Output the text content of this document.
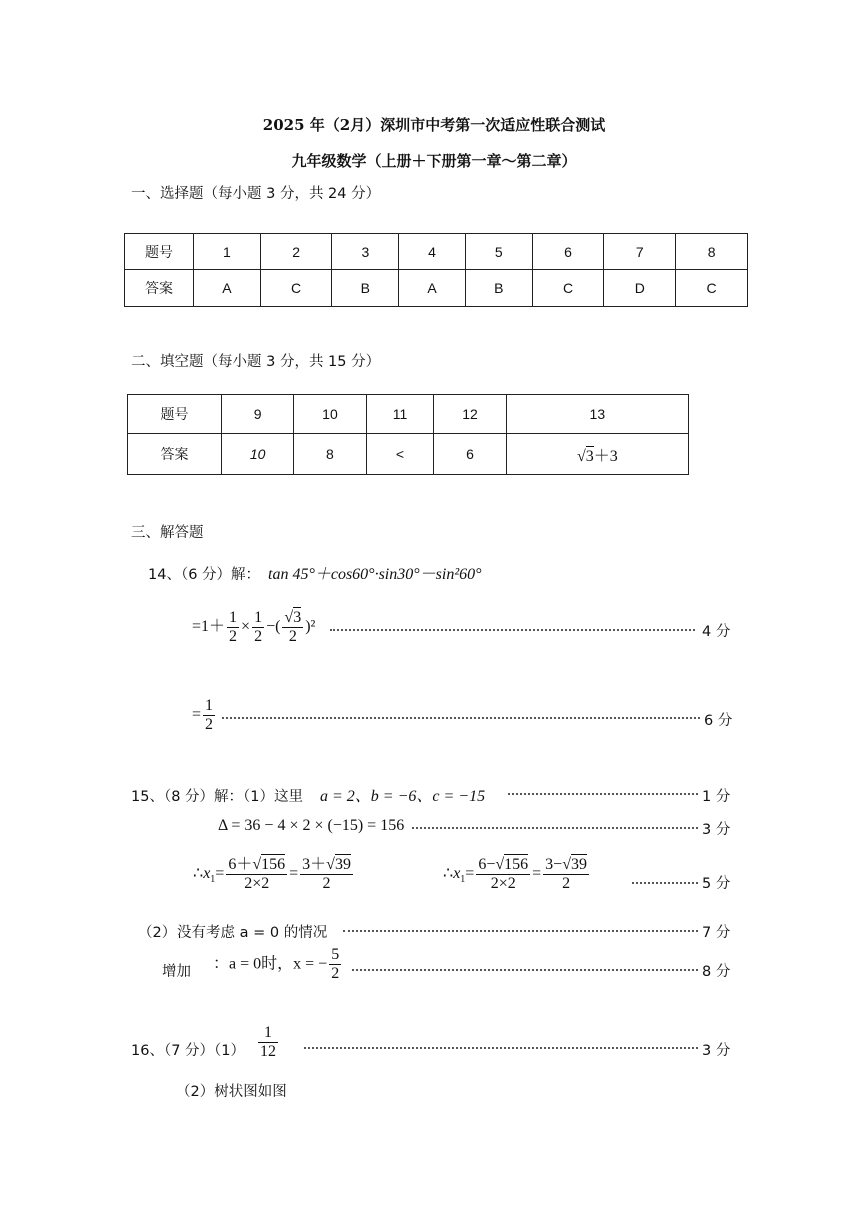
2025 年（2月）深圳市中考第一次适应性联合测试
九年级数学（上册＋下册第一章～第二章）
一、选择题（每小题 3 分，共 24 分）
题号	1	2	3	4	5	6	7	8
答案	A	C	B	A	B	C	D	C
二、填空题（每小题 3 分，共 15 分）
题号	9	10	11	12	13
答案	10	8	<	6	√3＋3
三、解答题
14、（6 分）解： tan 45°＋cos60°·sin30°－sin²60°
$=1+ \frac{1}{2} \times \frac{1}{2}$ −( $\frac{√3}{2} )^2$	4 分
= $\frac{1}{2}$	6 分
15、（8 分）解：（1）这里 a = 2、b = −6、c = −15	1 分
Δ = 36 − 4 × 2 × (−15) = 156	3 分
$\therefore x_1= \frac{6+√156}{2\times 2} = \frac{3+√39}{2}$	$\therefore x_1= \frac{6-√156}{2\times 2} = \frac{3-√39}{2}$	5 分
（2） 没有考虑 a = 0 的情况	7 分
增加 ：a = 0时，x = − $\frac{5}{2}$	8 分
16、（7 分）$(1) \frac{1}{12}$	3 分
（2）树状图如图
